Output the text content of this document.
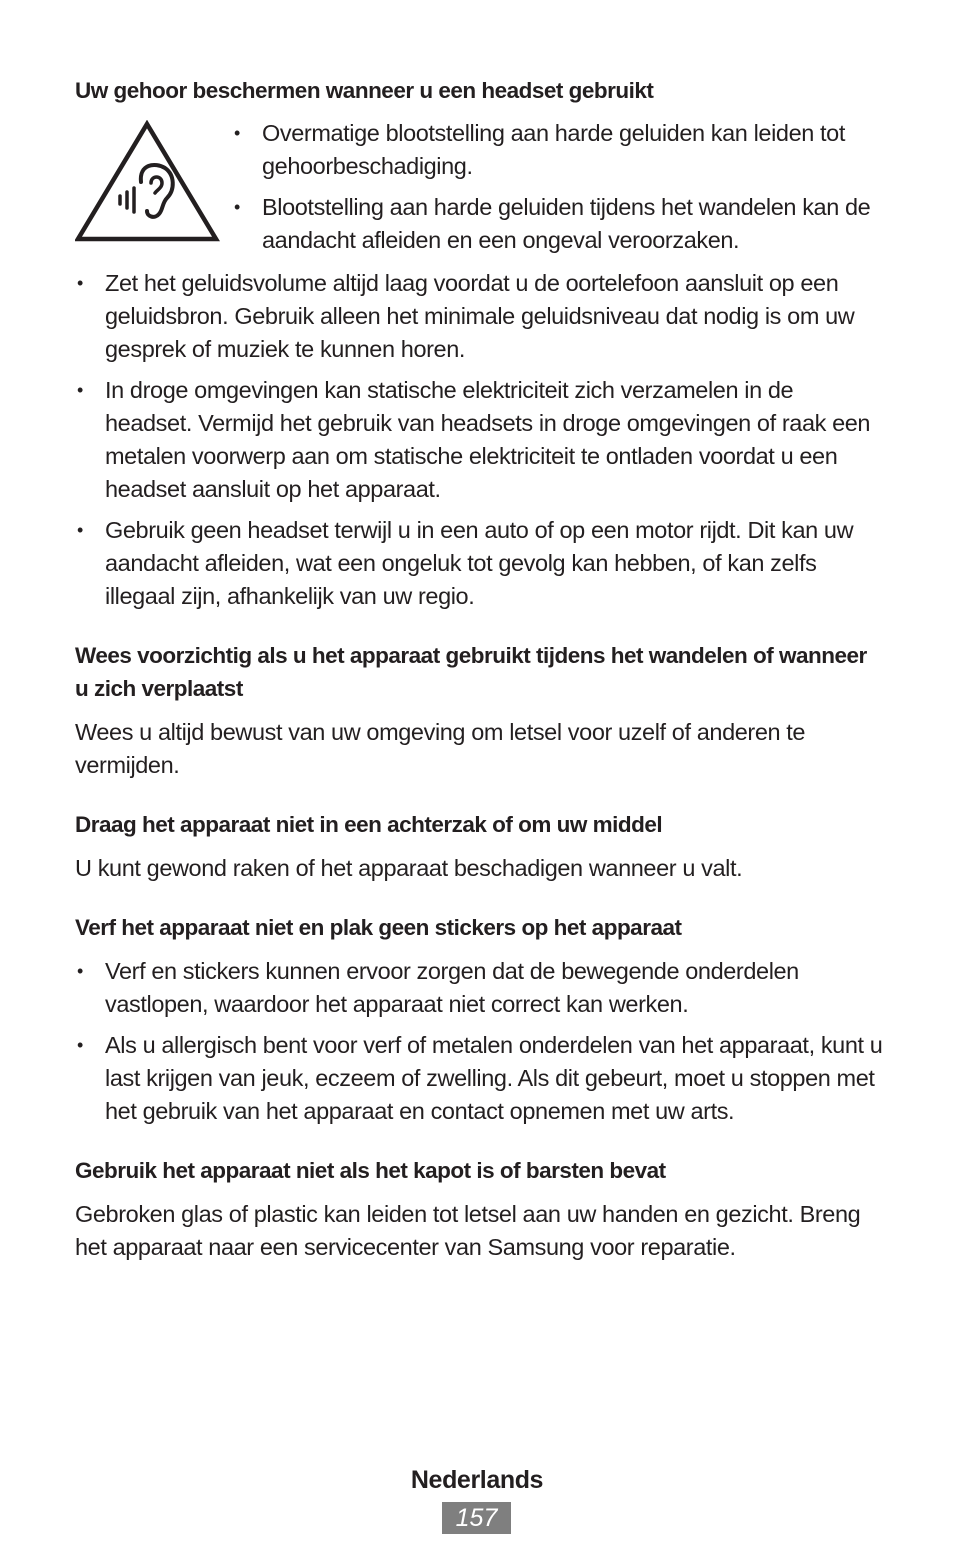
Uw gehoor beschermen wanneer u een headset gebruikt
• Overmatige blootstelling aan harde geluiden kan leiden tot gehoorbeschadiging.
• Blootstelling aan harde geluiden tijdens het wandelen kan de aandacht afleiden en een ongeval veroorzaken.
• Zet het geluidsvolume altijd laag voordat u de oortelefoon aansluit op een geluidsbron. Gebruik alleen het minimale geluidsniveau dat nodig is om uw gesprek of muziek te kunnen horen.
• In droge omgevingen kan statische elektriciteit zich verzamelen in de headset. Vermijd het gebruik van headsets in droge omgevingen of raak een metalen voorwerp aan om statische elektriciteit te ontladen voordat u een headset aansluit op het apparaat.
• Gebruik geen headset terwijl u in een auto of op een motor rijdt. Dit kan uw aandacht afleiden, wat een ongeluk tot gevolg kan hebben, of kan zelfs illegaal zijn, afhankelijk van uw regio.
Wees voorzichtig als u het apparaat gebruikt tijdens het wandelen of wanneer u zich verplaatst

Wees u altijd bewust van uw omgeving om letsel voor uzelf of anderen te vermijden.

Draag het apparaat niet in een achterzak of om uw middel

U kunt gewond raken of het apparaat beschadigen wanneer u valt.

Verf het apparaat niet en plak geen stickers op het apparaat
• Verf en stickers kunnen ervoor zorgen dat de bewegende onderdelen vastlopen, waardoor het apparaat niet correct kan werken.
• Als u allergisch bent voor verf of metalen onderdelen van het apparaat, kunt u last krijgen van jeuk, eczeem of zwelling. Als dit gebeurt, moet u stoppen met het gebruik van het apparaat en contact opnemen met uw arts.
Gebruik het apparaat niet als het kapot is of barsten bevat

Gebroken glas of plastic kan leiden tot letsel aan uw handen en gezicht. Breng het apparaat naar een servicecenter van Samsung voor reparatie.

Nederlands
157
